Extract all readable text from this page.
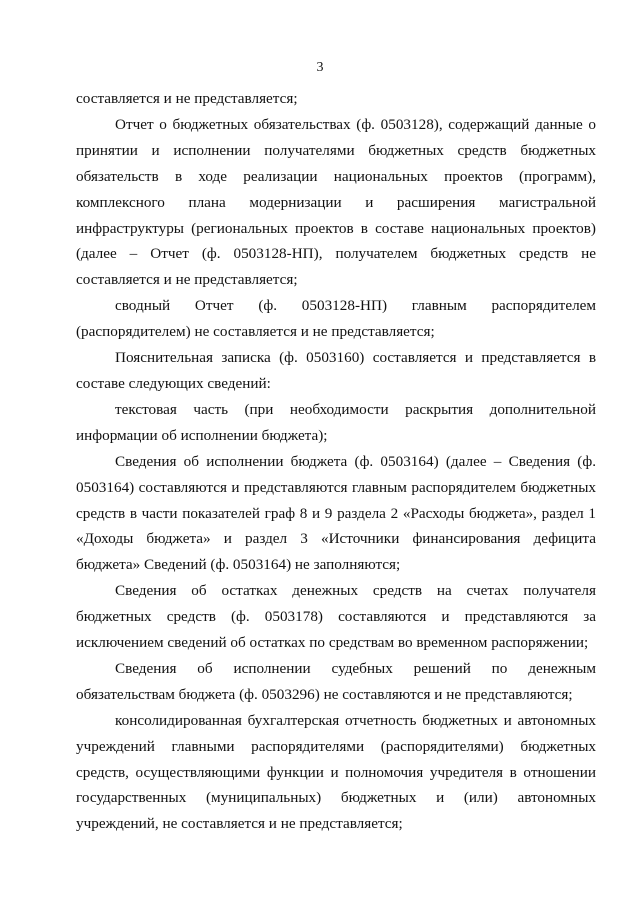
3

составляется и не представляется;

Отчет о бюджетных обязательствах (ф. 0503128), содержащий данные о принятии и исполнении получателями бюджетных средств бюджетных обязательств в ходе реализации национальных проектов (программ), комплексного плана модернизации и расширения магистральной инфраструктуры (региональных проектов в составе национальных проектов) (далее – Отчет (ф. 0503128-НП), получателем бюджетных средств не составляется и не представляется;

сводный Отчет (ф. 0503128-НП) главным распорядителем (распорядителем) не составляется и не представляется;

Пояснительная записка (ф. 0503160) составляется и представляется в составе следующих сведений:

текстовая часть (при необходимости раскрытия дополнительной информации об исполнении бюджета);

Сведения об исполнении бюджета (ф. 0503164) (далее – Сведения (ф. 0503164) составляются и представляются главным распорядителем бюджетных средств в части показателей граф 8 и 9 раздела 2 «Расходы бюджета», раздел 1 «Доходы бюджета» и раздел 3 «Источники финансирования дефицита бюджета» Сведений (ф. 0503164) не заполняются;

Сведения об остатках денежных средств на счетах получателя бюджетных средств (ф. 0503178) составляются и представляются за исключением сведений об остатках по средствам во временном распоряжении;

Сведения об исполнении судебных решений по денежным обязательствам бюджета (ф. 0503296) не составляются и не представляются;

консолидированная бухгалтерская отчетность бюджетных и автономных учреждений главными распорядителями (распорядителями) бюджетных средств, осуществляющими функции и полномочия учредителя в отношении государственных (муниципальных) бюджетных и (или) автономных учреждений, не составляется и не представляется;
